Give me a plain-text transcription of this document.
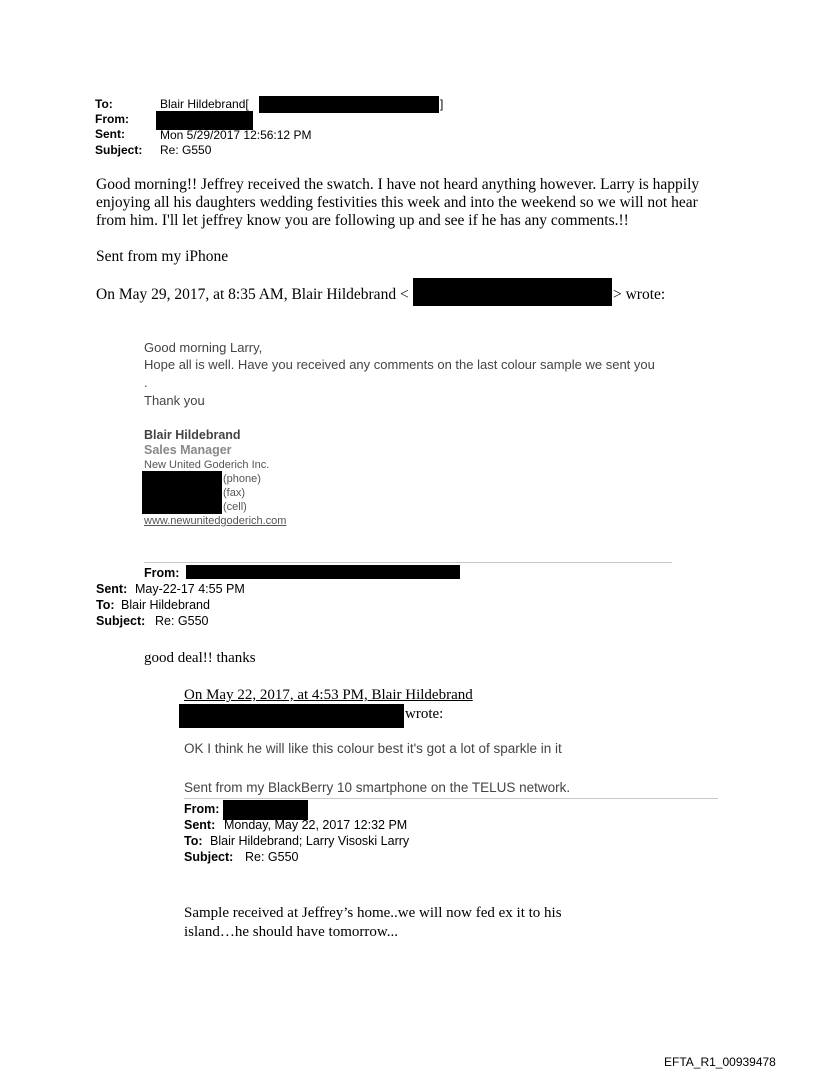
To:	Blair Hildebrand[	]
From:
Sent:	Mon 5/29/2017 12:56:12 PM
Subject: Re: G550
Good morning!! Jeffrey received the swatch. I have not heard anything however. Larry is happily
enjoying all his daughters wedding festivities this week and into the weekend so we will not hear
from him. I'll let jeffrey know you are following up and see if he has any comments.!!
Sent from my iPhone
On May 29, 2017, at 8:35 AM, Blair Hildebrand <	> wrote:
Good morning Larry,
Hope all is well. Have you received any comments on the last colour sample we sent you
.
Thank you
Blair Hildebrand
Sales Manager
New United Goderich Inc.
(phone)
(fax)
(cell)
www.newunitedgoderich.com
From:
Sent: May-22-17 4:55 PM
To: Blair Hildebrand
Subject: Re: G550
good deal!! thanks
On May 22, 2017, at 4:53 PM, Blair Hildebrand
wrote:
OK I think he will like this colour best it's got a lot of sparkle in it
Sent from my BlackBerry 10 smartphone on the TELUS network.
From:
Sent: Monday, May 22, 2017 12:32 PM
To: Blair Hildebrand; Larry Visoski Larry
Subject: Re: G550
Sample received at Jeffrey’s home..we will now fed ex it to his
island…he should have tomorrow...
EFTA_R1_00939478
